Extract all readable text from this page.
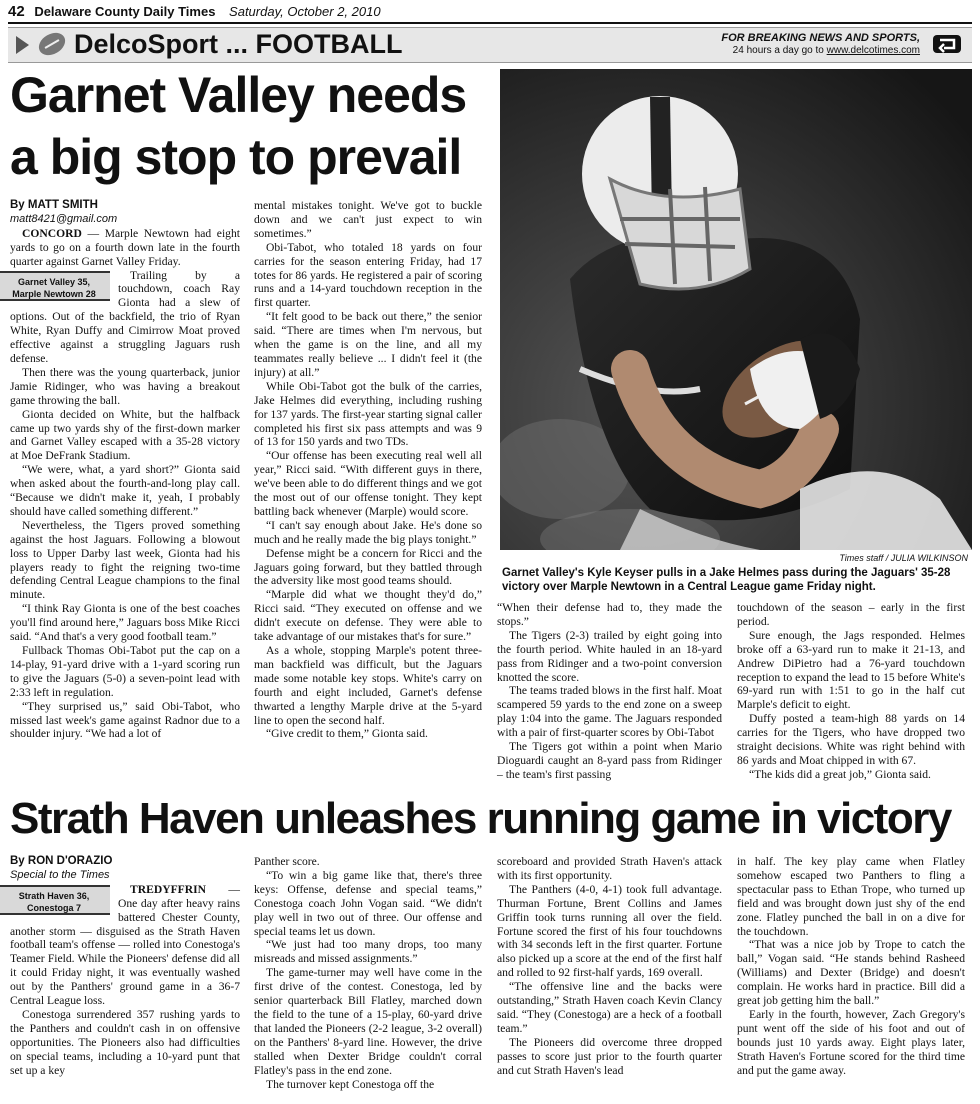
42 Delaware County Daily Times Saturday, October 2, 2010
DelcoSport ... FOOTBALL	FOR BREAKING NEWS AND SPORTS,
24 hours a day go to www.delcotimes.com
Garnet Valley needs a big stop to prevail
Times staff / JULIA WILKINSON
Garnet Valley's Kyle Keyser pulls in a Jake Helmes pass during the Jaguars' 35-28 victory over Marple Newtown in a Central League game Friday night.

By MATT SMITH

matt8421@gmail.com

CONCORD — Marple Newtown had eight yards to go on a fourth down late in the fourth quarter against Garnet Valley Friday.

Garnet Valley 35,
Marple Newtown 28
Trailing by a touchdown, coach Ray Gionta had a slew of options. Out of the backfield, the trio of Ryan White, Ryan Duffy and Cimirrow Moat proved effective against a struggling Jaguars rush defense.

Then there was the young quarterback, junior Jamie Ridinger, who was having a breakout game throwing the ball.

Gionta decided on White, but the halfback came up two yards shy of the first-down marker and Garnet Valley escaped with a 35-28 victory at Moe DeFrank Stadium.

“We were, what, a yard short?” Gionta said when asked about the fourth-and-long play call. “Because we didn't make it, yeah, I probably should have called something different.”

Nevertheless, the Tigers proved something against the host Jaguars. Following a blowout loss to Upper Darby last week, Gionta had his players ready to fight the reigning two-time defending Central League champions to the final minute.

“I think Ray Gionta is one of the best coaches you'll find around here,” Jaguars boss Mike Ricci said. “And that's a very good football team.”

Fullback Thomas Obi-Tabot put the cap on a 14-play, 91-yard drive with a 1-yard scoring run to give the Jaguars (5-0) a seven-point lead with 2:33 left in regulation.

“They surprised us,” said Obi-Tabot, who missed last week's game against Radnor due to a shoulder injury. “We had a lot of

mental mistakes tonight. We've got to buckle down and we can't just expect to win sometimes.”

Obi-Tabot, who totaled 18 yards on four carries for the season entering Friday, had 17 totes for 86 yards. He registered a pair of scoring runs and a 14-yard touchdown reception in the first quarter.

“It felt good to be back out there,” the senior said. “There are times when I'm nervous, but when the game is on the line, and all my teammates really believe ... I didn't feel it (the injury) at all.”

While Obi-Tabot got the bulk of the carries, Jake Helmes did everything, including rushing for 137 yards. The first-year starting signal caller completed his first six pass attempts and was 9 of 13 for 150 yards and two TDs.

“Our offense has been executing real well all year,” Ricci said. “With different guys in there, we've been able to do different things and we got the most out of our offense tonight. They kept battling back whenever (Marple) would score.

“I can't say enough about Jake. He's done so much and he really made the big plays tonight.”

Defense might be a concern for Ricci and the Jaguars going forward, but they battled through the adversity like most good teams should.

“Marple did what we thought they'd do,” Ricci said. “They executed on offense and we didn't execute on defense. They were able to take advantage of our mistakes that's for sure.”

As a whole, stopping Marple's potent three-man backfield was difficult, but the Jaguars made some notable key stops. White's carry on fourth and eight included, Garnet's defense thwarted a lengthy Marple drive at the 5-yard line to open the second half.

“Give credit to them,” Gionta said.

“When their defense had to, they made the stops.”

The Tigers (2-3) trailed by eight going into the fourth period. White hauled in an 18-yard pass from Ridinger and a two-point conversion knotted the score.

The teams traded blows in the first half. Moat scampered 59 yards to the end zone on a sweep play 1:04 into the game. The Jaguars responded with a pair of first-quarter scores by Obi-Tabot

The Tigers got within a point when Mario Dioguardi caught an 8-yard pass from Ridinger – the team's first passing

touchdown of the season – early in the first period.

Sure enough, the Jags responded. Helmes broke off a 63-yard run to make it 21-13, and Andrew DiPietro had a 76-yard touchdown reception to expand the lead to 15 before White's 69-yard run with 1:51 to go in the half cut Marple's deficit to eight.

Duffy posted a team-high 88 yards on 14 carries for the Tigers, who have dropped two straight decisions. White was right behind with 86 yards and Moat chipped in with 67.

“The kids did a great job,” Gionta said.

Strath Haven unleashes running game in victory

By RON D'ORAZIO

Special to the Times

TREDYFFRIN
Strath Haven 36,
Conestoga 7
— One day after heavy rains battered Chester County, another storm — disguised as the Strath Haven football team's offense — rolled into Conestoga's Teamer Field. While the Pioneers' defense did all it could Friday night, it was eventually washed out by the Panthers' ground game in a 36-7 Central League loss.

Conestoga surrendered 357 rushing yards to the Panthers and couldn't cash in on offensive opportunities. The Pioneers also had difficulties on special teams, including a 10-yard punt that set up a key

Panther score.

“To win a big game like that, there's three keys: Offense, defense and special teams,” Conestoga coach John Vogan said. “We didn't play well in two out of three. Our offense and special teams let us down.

“We just had too many drops, too many misreads and missed assignments.”

The game-turner may well have come in the first drive of the contest. Conestoga, led by senior quarterback Bill Flatley, marched down the field to the tune of a 15-play, 60-yard drive that landed the Pioneers (2-2 league, 3-2 overall) on the Panthers' 8-yard line. However, the drive stalled when Dexter Bridge couldn't corral Flatley's pass in the end zone.

The turnover kept Conestoga off the

scoreboard and provided Strath Haven's attack with its first opportunity.

The Panthers (4-0, 4-1) took full advantage. Thurman Fortune, Brent Collins and James Griffin took turns running all over the field. Fortune scored the first of his four touchdowns with 34 seconds left in the first quarter. Fortune also picked up a score at the end of the first half and rolled to 92 first-half yards, 169 overall.

“The offensive line and the backs were outstanding,” Strath Haven coach Kevin Clancy said. “They (Conestoga) are a heck of a football team.”

The Pioneers did overcome three dropped passes to score just prior to the fourth quarter and cut Strath Haven's lead

in half. The key play came when Flatley somehow escaped two Panthers to fling a spectacular pass to Ethan Trope, who turned up field and was brought down just shy of the end zone. Flatley punched the ball in on a dive for the touchdown.

“That was a nice job by Trope to catch the ball,” Vogan said. “He stands behind Rasheed (Williams) and Dexter (Bridge) and doesn't complain. He works hard in practice. Bill did a great job getting him the ball.”

Early in the fourth, however, Zach Gregory's punt went off the side of his foot and out of bounds just 10 yards away. Eight plays later, Strath Haven's Fortune scored for the third time and put the game away.
